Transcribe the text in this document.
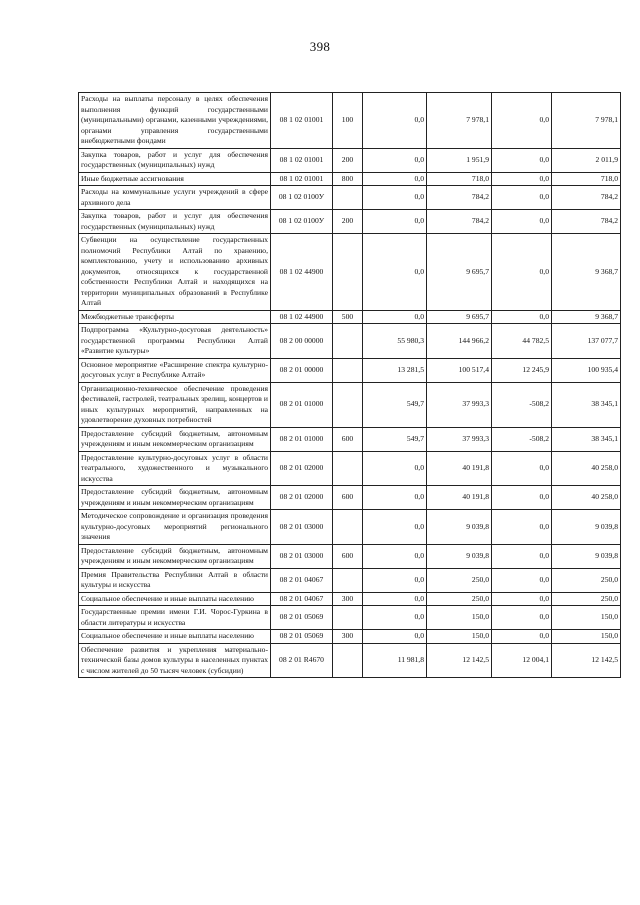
398
Расходы на выплаты персоналу в целях обеспечения выполнения функций государственными (муниципальными) органами, казенными учреждениями, органами управления государственными внебюджетными фондами	08 1 02 01001	100	0,0	7 978,1	0,0	7 978,1
Закупка товаров, работ и услуг для обеспечения государственных (муниципальных) нужд	08 1 02 01001	200	0,0	1 951,9	0,0	2 011,9
Иные бюджетные ассигнования	08 1 02 01001	800	0,0	718,0	0,0	718,0
Расходы на коммунальные услуги учреждений в сфере архивного дела	08 1 02 0100У		0,0	784,2	0,0	784,2
Закупка товаров, работ и услуг для обеспечения государственных (муниципальных) нужд	08 1 02 0100У	200	0,0	784,2	0,0	784,2
Субвенции на осуществление государственных полномочий Республики Алтай по хранению, комплектованию, учету и использованию архивных документов, относящихся к государственной собственности Республики Алтай и находящихся на территории муниципальных образований в Республике Алтай	08 1 02 44900		0,0	9 695,7	0,0	9 368,7
Межбюджетные трансферты	08 1 02 44900	500	0,0	9 695,7	0,0	9 368,7
Подпрограмма «Культурно-досуговая деятельность» государственной программы Республики Алтай «Развитие культуры»	08 2 00 00000		55 980,3	144 966,2	44 782,5	137 077,7
Основное мероприятие «Расширение спектра культурно-досуговых услуг в Республике Алтай»	08 2 01 00000		13 281,5	100 517,4	12 245,9	100 935,4
Организационно-техническое обеспечение проведения фестивалей, гастролей, театральных зрелищ, концертов и иных культурных мероприятий, направленных на удовлетворение духовных потребностей	08 2 01 01000		549,7	37 993,3	-508,2	38 345,1
Предоставление субсидий бюджетным, автономным учреждениям и иным некоммерческим организациям	08 2 01 01000	600	549,7	37 993,3	-508,2	38 345,1
Предоставление культурно-досуговых услуг в области театрального, художественного и музыкального искусства	08 2 01 02000		0,0	40 191,8	0,0	40 258,0
Предоставление субсидий бюджетным, автономным учреждениям и иным некоммерческим организациям	08 2 01 02000	600	0,0	40 191,8	0,0	40 258,0
Методическое сопровождение и организация проведения культурно-досуговых мероприятий регионального значения	08 2 01 03000		0,0	9 039,8	0,0	9 039,8
Предоставление субсидий бюджетным, автономным учреждениям и иным некоммерческим организациям	08 2 01 03000	600	0,0	9 039,8	0,0	9 039,8
Премия Правительства Республики Алтай в области культуры и искусства	08 2 01 04067		0,0	250,0	0,0	250,0
Социальное обеспечение и иные выплаты населению	08 2 01 04067	300	0,0	250,0	0,0	250,0
Государственные премии имени Г.И. Чорос-Гуркина в области литературы и искусства	08 2 01 05069		0,0	150,0	0,0	150,0
Социальное обеспечение и иные выплаты населению	08 2 01 05069	300	0,0	150,0	0,0	150,0
Обеспечение развития и укрепления материально-технической базы домов культуры в населенных пунктах с числом жителей до 50 тысяч человек (субсидии)	08 2 01 R4670		11 981,8	12 142,5	12 004,1	12 142,5
